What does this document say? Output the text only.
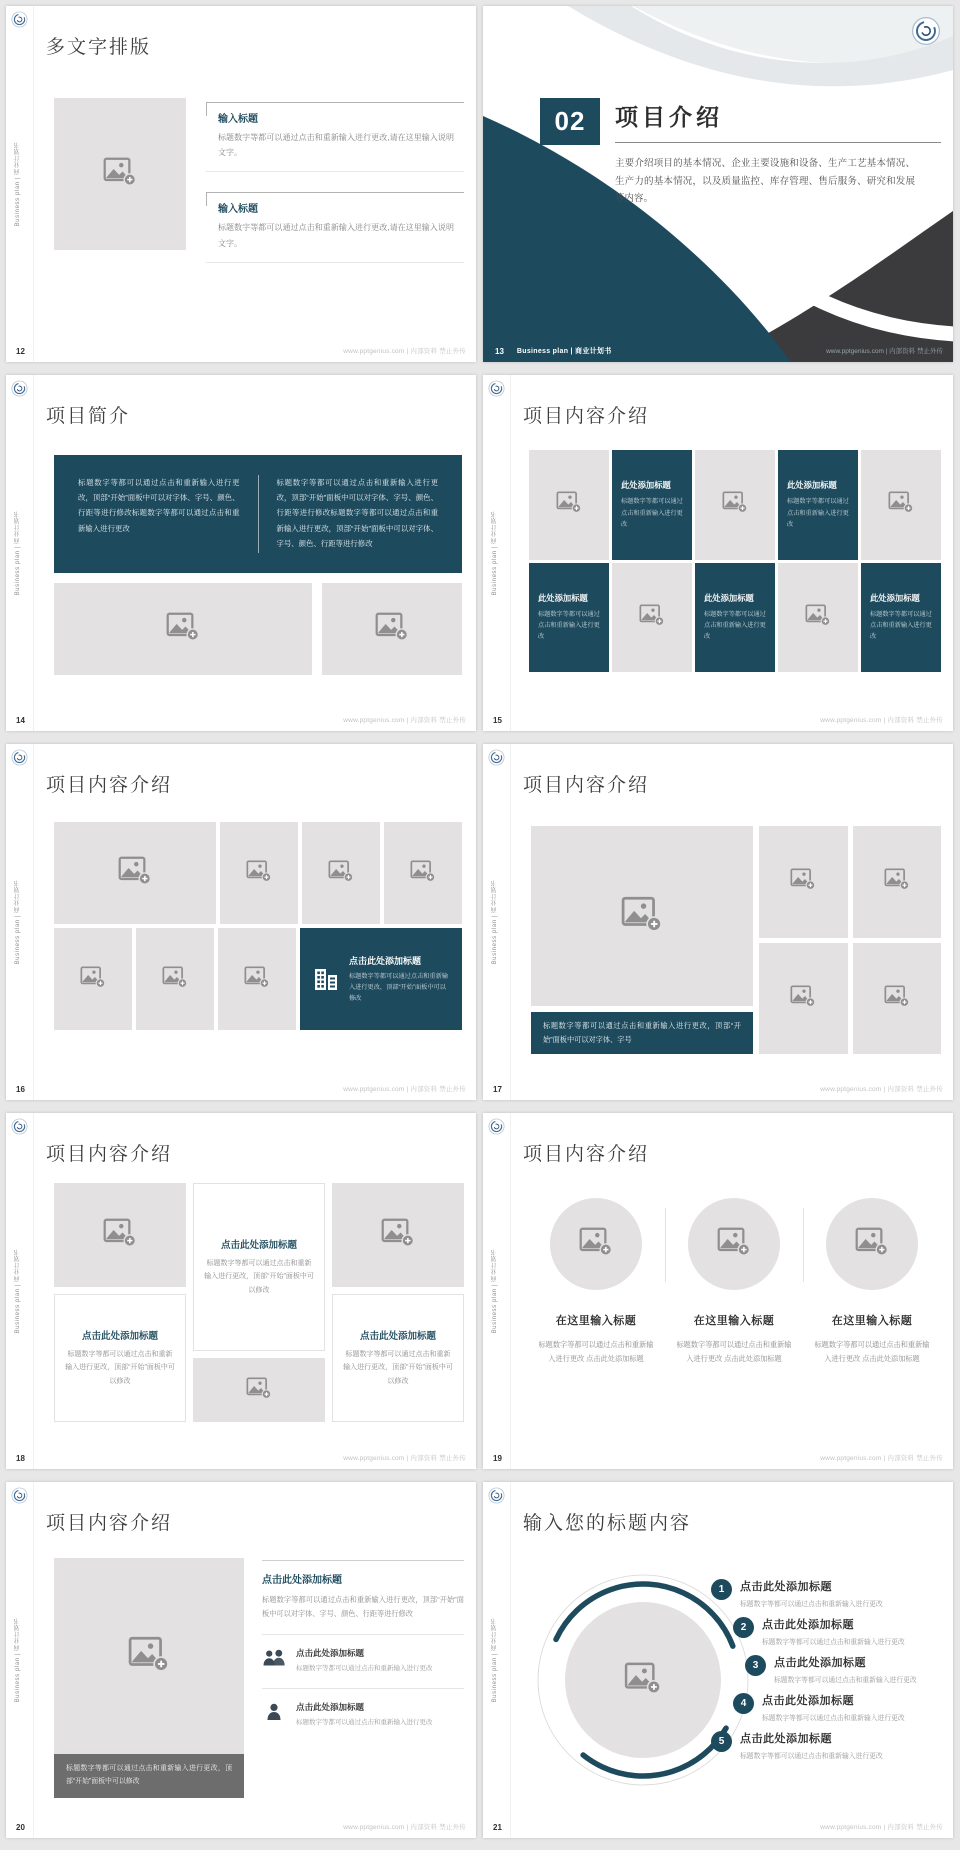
Business plan | 商业计划书
多文字排版
输入标题

标题数字等都可以通过点击和重新输入进行更改,请在这里输入说明文字。

输入标题

标题数字等都可以通过点击和重新输入进行更改,请在这里输入说明文字。

12	www.pptgenius.com | 内部资料 禁止外传
02	项目介绍

主要介绍项目的基本情况、企业主要设施和设备、生产工艺基本情况、生产力的基本情况，以及质量监控、库存管理、售后服务、研究和发展等内容。

13 Business plan | 商业计划书	www.pptgenius.com | 内部资料 禁止外传
Business plan | 商业计划书
项目简介

标题数字等都可以通过点击和重新输入进行更改，顶部“开始”面板中可以对字体、字号、颜色、行距等进行修改标题数字等都可以通过点击和重新输入进行更改

标题数字等都可以通过点击和重新输入进行更改，顶部“开始”面板中可以对字体、字号、颜色、行距等进行修改标题数字等都可以通过点击和重新输入进行更改，顶部“开始”面板中可以对字体、字号、颜色、行距等进行修改

14	www.pptgenius.com | 内部资料 禁止外传
Business plan | 商业计划书
项目内容介绍
此处添加标题

标题数字等都可以通过点击和重新输入进行更改

此处添加标题

标题数字等都可以通过点击和重新输入进行更改

此处添加标题

标题数字等都可以通过点击和重新输入进行更改

此处添加标题

标题数字等都可以通过点击和重新输入进行更改

此处添加标题

标题数字等都可以通过点击和重新输入进行更改

15	www.pptgenius.com | 内部资料 禁止外传
Business plan | 商业计划书
项目内容介绍
点击此处添加标题

标题数字等都可以通过点击和重新输入进行更改，顶部“开始”面板中可以修改

16	www.pptgenius.com | 内部资料 禁止外传
Business plan | 商业计划书
项目内容介绍
标题数字等都可以通过点击和重新输入进行更改，顶部“开始”面板中可以对字体、字号
17	www.pptgenius.com | 内部资料 禁止外传
Business plan | 商业计划书
项目内容介绍
点击此处添加标题

标题数字等都可以通过点击和重新输入进行更改，顶部“开始”面板中可以修改

点击此处添加标题

标题数字等都可以通过点击和重新输入进行更改，顶部“开始”面板中可以修改

点击此处添加标题

标题数字等都可以通过点击和重新输入进行更改，顶部“开始”面板中可以修改

18	www.pptgenius.com | 内部资料 禁止外传
Business plan | 商业计划书
项目内容介绍
在这里输入标题

标题数字等都可以通过点击和重新输入进行更改 点击此处添加标题

在这里输入标题

标题数字等都可以通过点击和重新输入进行更改 点击此处添加标题

在这里输入标题

标题数字等都可以通过点击和重新输入进行更改 点击此处添加标题

19	www.pptgenius.com | 内部资料 禁止外传
Business plan | 商业计划书
项目内容介绍
标题数字等都可以通过点击和重新输入进行更改，顶部“开始”面板中可以修改
点击此处添加标题

标题数字等都可以通过点击和重新输入进行更改，顶部“开始”面板中可以对字体、字号、颜色、行距等进行修改

点击此处添加标题

标题数字等都可以通过点击和重新输入进行更改

点击此处添加标题

标题数字等都可以通过点击和重新输入进行更改

20	www.pptgenius.com | 内部资料 禁止外传
Business plan | 商业计划书
输入您的标题内容
1	点击此处添加标题

标题数字等都可以通过点击和重新输入进行更改

2	点击此处添加标题

标题数字等都可以通过点击和重新输入进行更改

3	点击此处添加标题

标题数字等都可以通过点击和重新输入进行更改

4	点击此处添加标题

标题数字等都可以通过点击和重新输入进行更改

5	点击此处添加标题

标题数字等都可以通过点击和重新输入进行更改

21	www.pptgenius.com | 内部资料 禁止外传
